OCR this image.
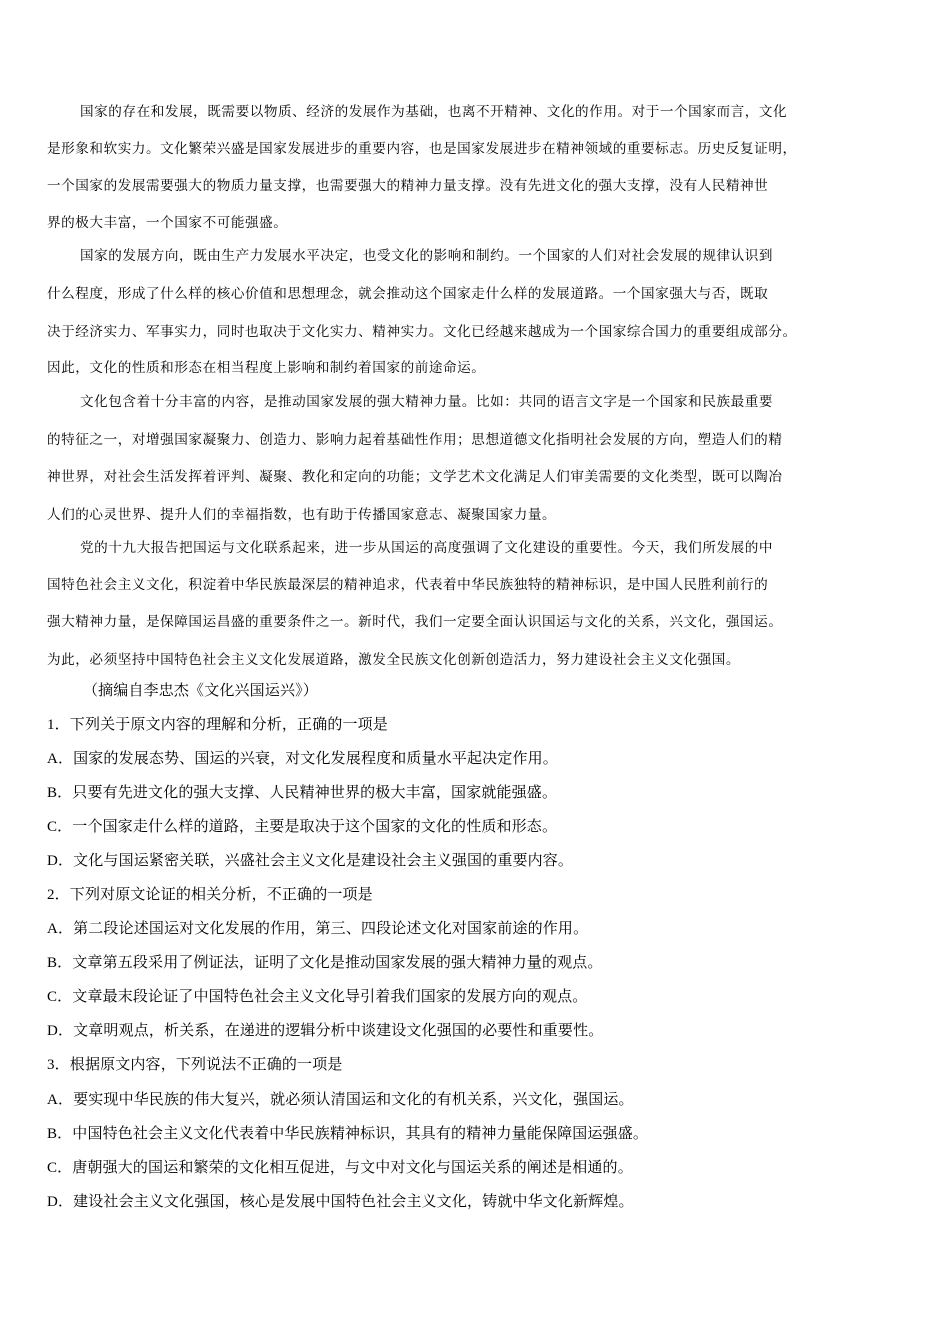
国家的存在和发展，既需要以物质、经济的发展作为基础，也离不开精神、文化的作用。对于一个国家而言，文化
是形象和软实力。文化繁荣兴盛是国家发展进步的重要内容，也是国家发展进步在精神领域的重要标志。历史反复证明，
一个国家的发展需要强大的物质力量支撑，也需要强大的精神力量支撑。没有先进文化的强大支撑，没有人民精神世
界的极大丰富，一个国家不可能强盛。
国家的发展方向，既由生产力发展水平决定，也受文化的影响和制约。一个国家的人们对社会发展的规律认识到
什么程度，形成了什么样的核心价值和思想理念，就会推动这个国家走什么样的发展道路。一个国家强大与否，既取
决于经济实力、军事实力，同时也取决于文化实力、精神实力。文化已经越来越成为一个国家综合国力的重要组成部分。
因此，文化的性质和形态在相当程度上影响和制约着国家的前途命运。
文化包含着十分丰富的内容，是推动国家发展的强大精神力量。比如：共同的语言文字是一个国家和民族最重要
的特征之一，对增强国家凝聚力、创造力、影响力起着基础性作用；思想道德文化指明社会发展的方向，塑造人们的精
神世界，对社会生活发挥着评判、凝聚、教化和定向的功能；文学艺术文化满足人们审美需要的文化类型，既可以陶冶
人们的心灵世界、提升人们的幸福指数，也有助于传播国家意志、凝聚国家力量。
党的十九大报告把国运与文化联系起来，进一步从国运的高度强调了文化建设的重要性。今天，我们所发展的中
国特色社会主义文化，积淀着中华民族最深层的精神追求，代表着中华民族独特的精神标识，是中国人民胜利前行的
强大精神力量，是保障国运昌盛的重要条件之一。新时代，我们一定要全面认识国运与文化的关系，兴文化，强国运。
为此，必须坚持中国特色社会主义文化发展道路，激发全民族文化创新创造活力，努力建设社会主义文化强国。
（摘编自李忠杰《文化兴国运兴》）
1．下列关于原文内容的理解和分析，正确的一项是
A．国家的发展态势、国运的兴衰，对文化发展程度和质量水平起决定作用。
B．只要有先进文化的强大支撑、人民精神世界的极大丰富，国家就能强盛。
C．一个国家走什么样的道路，主要是取决于这个国家的文化的性质和形态。
D．文化与国运紧密关联，兴盛社会主义文化是建设社会主义强国的重要内容。
2．下列对原文论证的相关分析，不正确的一项是
A．第二段论述国运对文化发展的作用，第三、四段论述文化对国家前途的作用。
B．文章第五段采用了例证法，证明了文化是推动国家发展的强大精神力量的观点。
C．文章最末段论证了中国特色社会主义文化导引着我们国家的发展方向的观点。
D．文章明观点，析关系，在递进的逻辑分析中谈建设文化强国的必要性和重要性。
3．根据原文内容，下列说法不正确的一项是
A．要实现中华民族的伟大复兴，就必须认清国运和文化的有机关系，兴文化，强国运。
B．中国特色社会主义文化代表着中华民族精神标识，其具有的精神力量能保障国运强盛。
C．唐朝强大的国运和繁荣的文化相互促进，与文中对文化与国运关系的阐述是相通的。
D．建设社会主义文化强国，核心是发展中国特色社会主义文化，铸就中华文化新辉煌。
